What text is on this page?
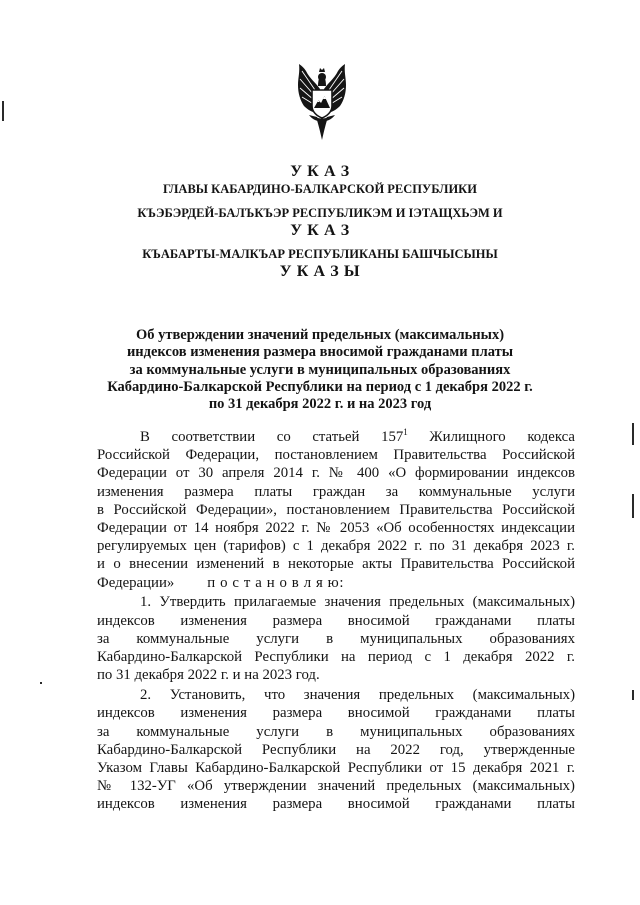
У К А З
ГЛАВЫ КАБАРДИНО-БАЛКАРСКОЙ РЕСПУБЛИКИ
КЪЭБЭРДЕЙ-БАЛЪКЪЭР РЕСПУБЛИКЭМ И ІЭТАЩХЬЭМ И
У К А З
КЪАБАРТЫ-МАЛКЪАР РЕСПУБЛИКАНЫ БАШЧЫСЫНЫ
У К А З Ы
Об утверждении значений предельных (максимальных)
индексов изменения размера вносимой гражданами платы
за коммунальные услуги в муниципальных образованиях
Кабардино-Балкарской Республики на период с 1 декабря 2022 г.
по 31 декабря 2022 г. и на 2023 год
В соответствии со статьей $157^1$ Жилищного кодекса
Российской Федерации, постановлением Правительства Российской
Федерации от 30 апреля 2014 г. № 400 «О формировании индексов
изменения размера платы граждан за коммунальные услуги
в Российской Федерации», постановлением Правительства Российской
Федерации от 14 ноября 2022 г. № 2053 «Об особенностях индексации
регулируемых цен (тарифов) с 1 декабря 2022 г. по 31 декабря 2023 г.
и о внесении изменений в некоторые акты Правительства Российской
Федерации» п о с т а н о в л я ю:
1. Утвердить прилагаемые значения предельных (максимальных)
индексов изменения размера вносимой гражданами платы
за коммунальные услуги в муниципальных образованиях
Кабардино-Балкарской Республики на период с 1 декабря 2022 г.
по 31 декабря 2022 г. и на 2023 год.
2. Установить, что значения предельных (максимальных)
индексов изменения размера вносимой гражданами платы
за коммунальные услуги в муниципальных образованиях
Кабардино-Балкарской Республики на 2022 год, утвержденные
Указом Главы Кабардино-Балкарской Республики от 15 декабря 2021 г.
№ 132-УГ «Об утверждении значений предельных (максимальных)
индексов изменения размера вносимой гражданами платы
